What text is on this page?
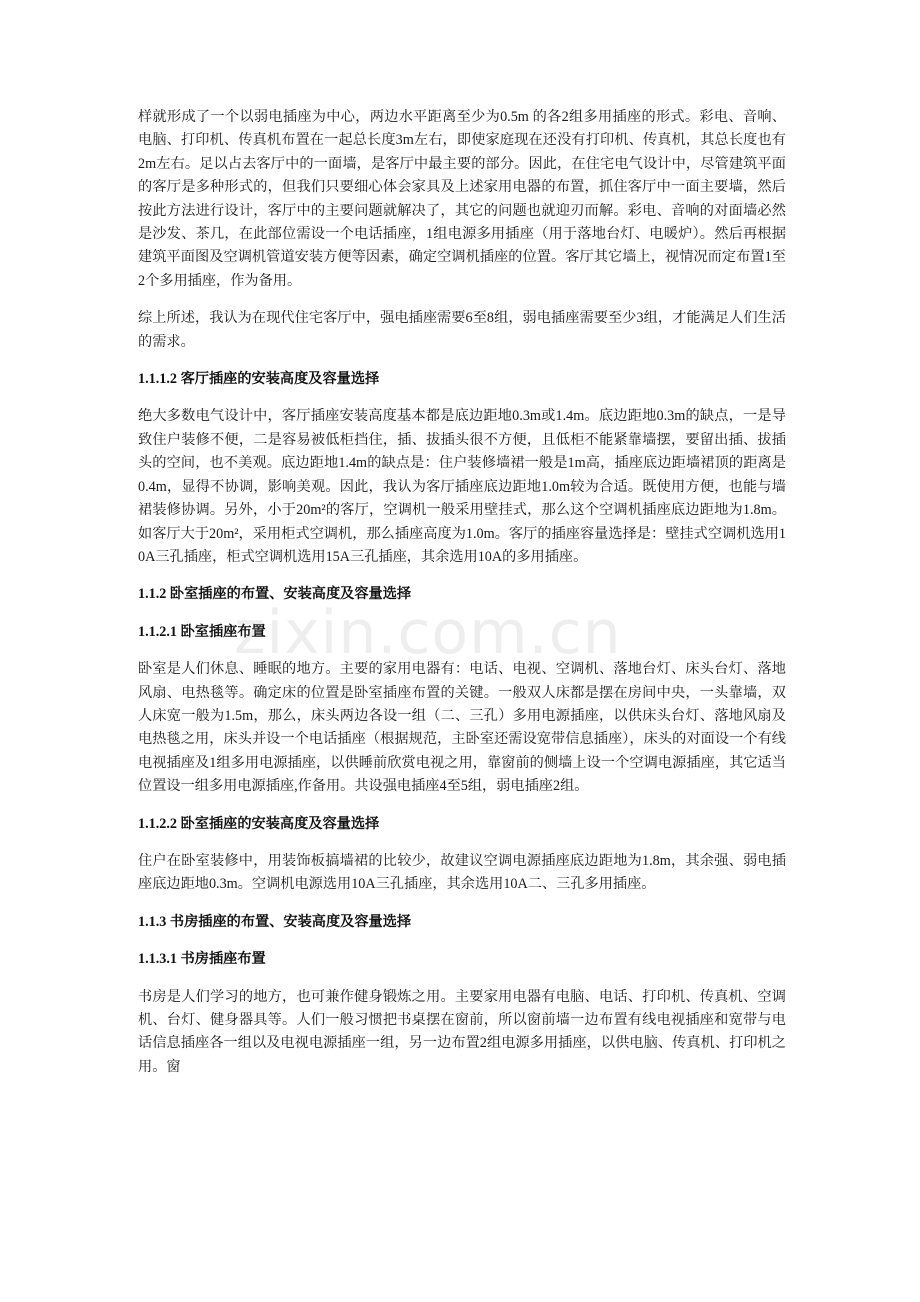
样就形成了一个以弱电插座为中心，两边水平距离至少为0.5m 的各2组多用插座的形式。彩电、音响、电脑、打印机、传真机布置在一起总长度3m左右，即使家庭现在还没有打印机、传真机，其总长度也有2m左右。足以占去客厅中的一面墙，是客厅中最主要的部分。因此，在住宅电气设计中，尽管建筑平面的客厅是多种形式的，但我们只要细心体会家具及上述家用电器的布置，抓住客厅中一面主要墙，然后按此方法进行设计，客厅中的主要问题就解决了，其它的问题也就迎刃而解。彩电、音响的对面墙必然是沙发、茶几，在此部位需设一个电话插座，1组电源多用插座（用于落地台灯、电暖炉）。然后再根据建筑平面图及空调机管道安装方便等因素，确定空调机插座的位置。客厅其它墙上，视情况而定布置1至2个多用插座，作为备用。

综上所述，我认为在现代住宅客厅中，强电插座需要6至8组，弱电插座需要至少3组，才能满足人们生活的需求。

1.1.1.2 客厅插座的安装高度及容量选择

绝大多数电气设计中，客厅插座安装高度基本都是底边距地0.3m或1.4m。底边距地0.3m的缺点，一是导致住户装修不便，二是容易被低柜挡住，插、拔插头很不方便，且低柜不能紧靠墙摆，要留出插、拔插头的空间，也不美观。底边距地1.4m的缺点是：住户装修墙裙一般是1m高，插座底边距墙裙顶的距离是0.4m，显得不协调，影响美观。因此，我认为客厅插座底边距地1.0m较为合适。既使用方便，也能与墙裙装修协调。另外，小于20m²的客厅，空调机一般采用壁挂式，那么这个空调机插座底边距地为1.8m。如客厅大于20m²，采用柜式空调机，那么插座高度为1.0m。客厅的插座容量选择是：壁挂式空调机选用10A三孔插座，柜式空调机选用15A三孔插座，其余选用10A的多用插座。

1.1.2 卧室插座的布置、安装高度及容量选择

1.1.2.1 卧室插座布置

卧室是人们休息、睡眠的地方。主要的家用电器有：电话、电视、空调机、落地台灯、床头台灯、落地风扇、电热毯等。确定床的位置是卧室插座布置的关键。一般双人床都是摆在房间中央，一头靠墙，双人床宽一般为1.5m，那么，床头两边各设一组（二、三孔）多用电源插座，以供床头台灯、落地风扇及电热毯之用，床头并设一个电话插座（根据规范，主卧室还需设宽带信息插座），床头的对面设一个有线电视插座及1组多用电源插座，以供睡前欣赏电视之用，靠窗前的侧墙上设一个空调电源插座，其它适当位置设一组多用电源插座,作备用。共设强电插座4至5组，弱电插座2组。

1.1.2.2 卧室插座的安装高度及容量选择

住户在卧室装修中，用装饰板搞墙裙的比较少，故建议空调电源插座底边距地为1.8m，其余强、弱电插座底边距地0.3m。空调机电源选用10A三孔插座，其余选用10A二、三孔多用插座。

1.1.3 书房插座的布置、安装高度及容量选择

1.1.3.1 书房插座布置

书房是人们学习的地方，也可兼作健身锻炼之用。主要家用电器有电脑、电话、打印机、传真机、空调机、台灯、健身器具等。人们一般习惯把书桌摆在窗前，所以窗前墙一边布置有线电视插座和宽带与电话信息插座各一组以及电视电源插座一组，另一边布置2组电源多用插座，以供电脑、传真机、打印机之用。窗

zixin.com.cn
